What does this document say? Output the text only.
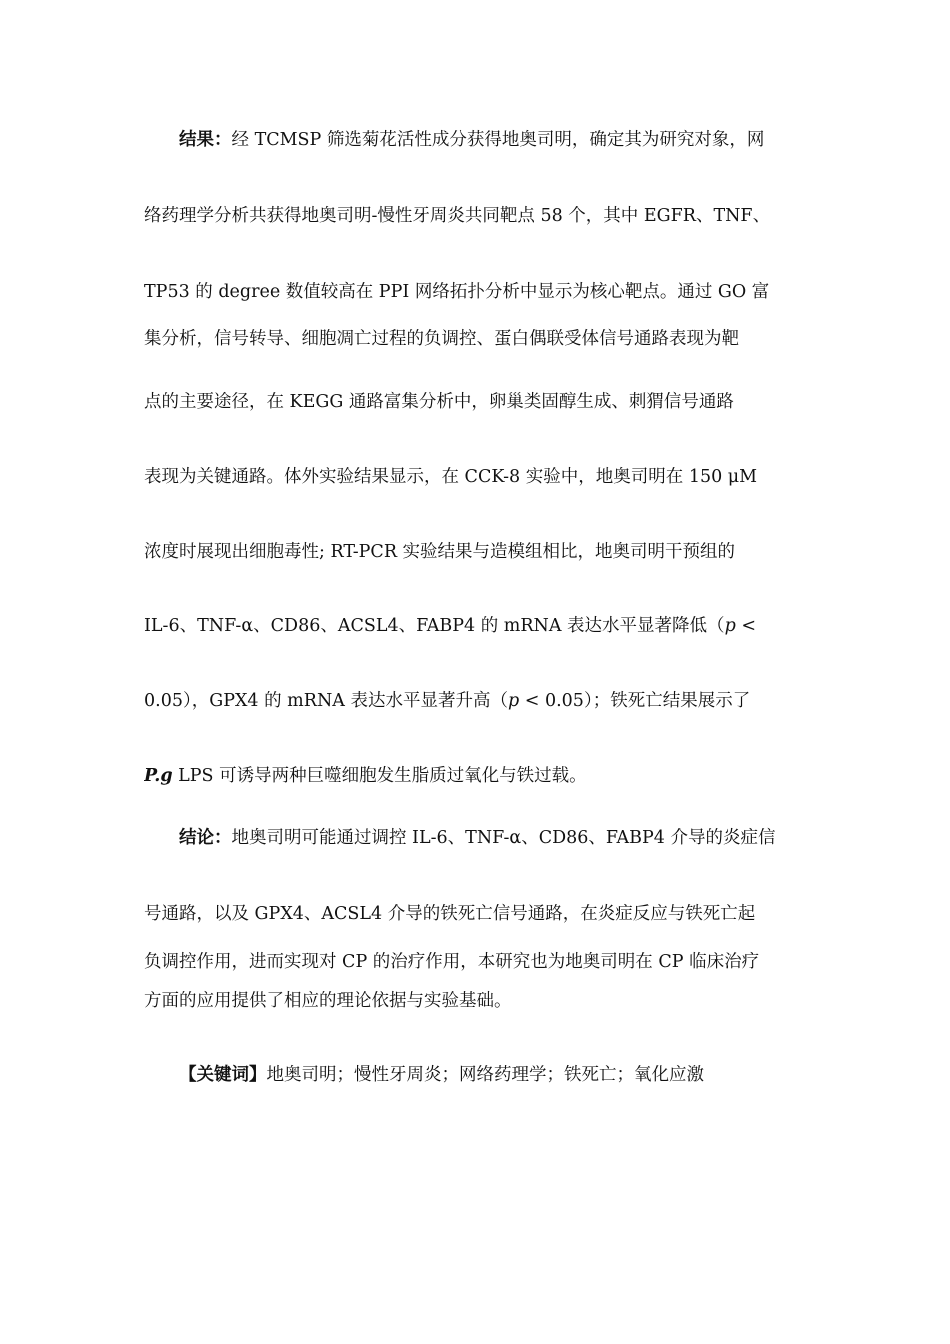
结果：经 TCMSP 筛选菊花活性成分获得地奥司明，确定其为研究对象，网
络药理学分析共获得地奥司明-慢性牙周炎共同靶点 58 个，其中 EGFR、TNF、
TP53 的 degree 数值较高在 PPI 网络拓扑分析中显示为核心靶点。通过 GO 富
集分析，信号转导、细胞凋亡过程的负调控、蛋白偶联受体信号通路表现为靶
点的主要途径，在 KEGG 通路富集分析中，卵巢类固醇生成、刺猬信号通路
表现为关键通路。体外实验结果显示，在 CCK-8 实验中，地奥司明在 150 μM
浓度时展现出细胞毒性; RT-PCR 实验结果与造模组相比，地奥司明干预组的
IL-6、TNF-α、CD86、ACSL4、FABP4 的 mRNA 表达水平显著降低（p <
0.05），GPX4 的 mRNA 表达水平显著升高（p < 0.05）；铁死亡结果展示了
P.g LPS 可诱导两种巨噬细胞发生脂质过氧化与铁过载。
结论：地奥司明可能通过调控 IL-6、TNF-α、CD86、FABP4 介导的炎症信
号通路，以及 GPX4、ACSL4 介导的铁死亡信号通路，在炎症反应与铁死亡起
负调控作用，进而实现对 CP 的治疗作用，本研究也为地奥司明在 CP 临床治疗
方面的应用提供了相应的理论依据与实验基础。
【关键词】地奥司明；慢性牙周炎；网络药理学；铁死亡；氧化应激
